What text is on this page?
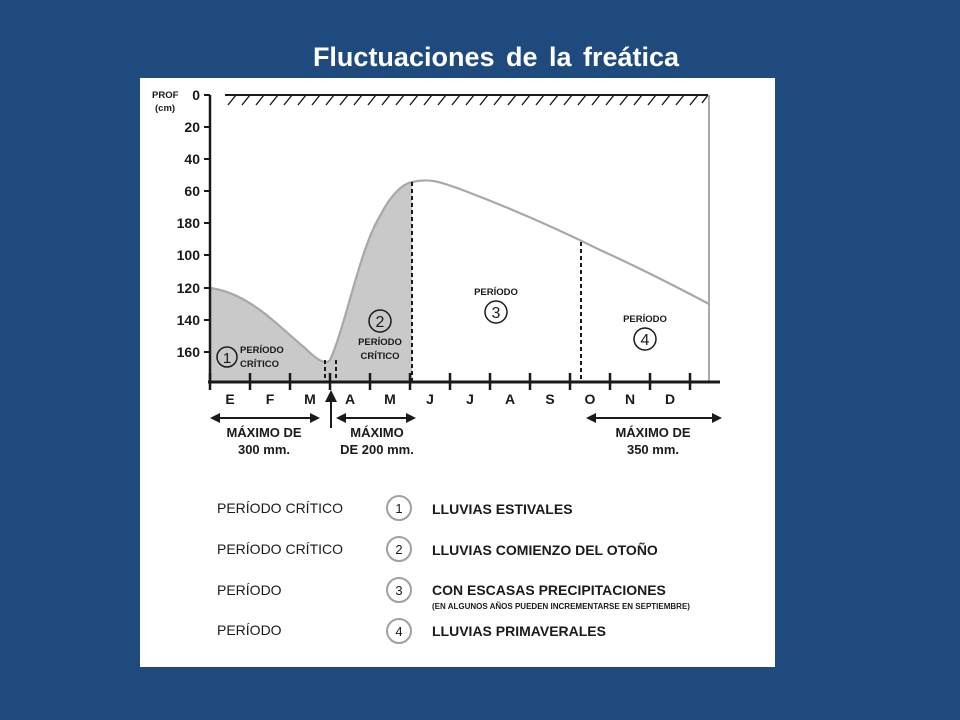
Fluctuaciones de la freática
PROF
(cm)
0
20
40
60
180
100
120
140
160
E F M A M J J A S O N D
1 PERÍODO
CRÍTICO
2
PERÍODO
CRÍTICO
PERÍODO
3	PERÍODO
4
MÁXIMO DE
300 mm.
MÁXIMO
DE 200 mm.
MÁXIMO DE
350 mm.
PERÍODO CRÍTICO	1 LLUVIAS ESTIVALES
PERÍODO CRÍTICO	2 LLUVIAS COMIENZO DEL OTOÑO
PERÍODO	3 CON ESCASAS PRECIPITACIONES
(EN ALGUNOS AÑOS PUEDEN INCREMENTARSE EN SEPTIEMBRE)
PERÍODO	4 LLUVIAS PRIMAVERALES
